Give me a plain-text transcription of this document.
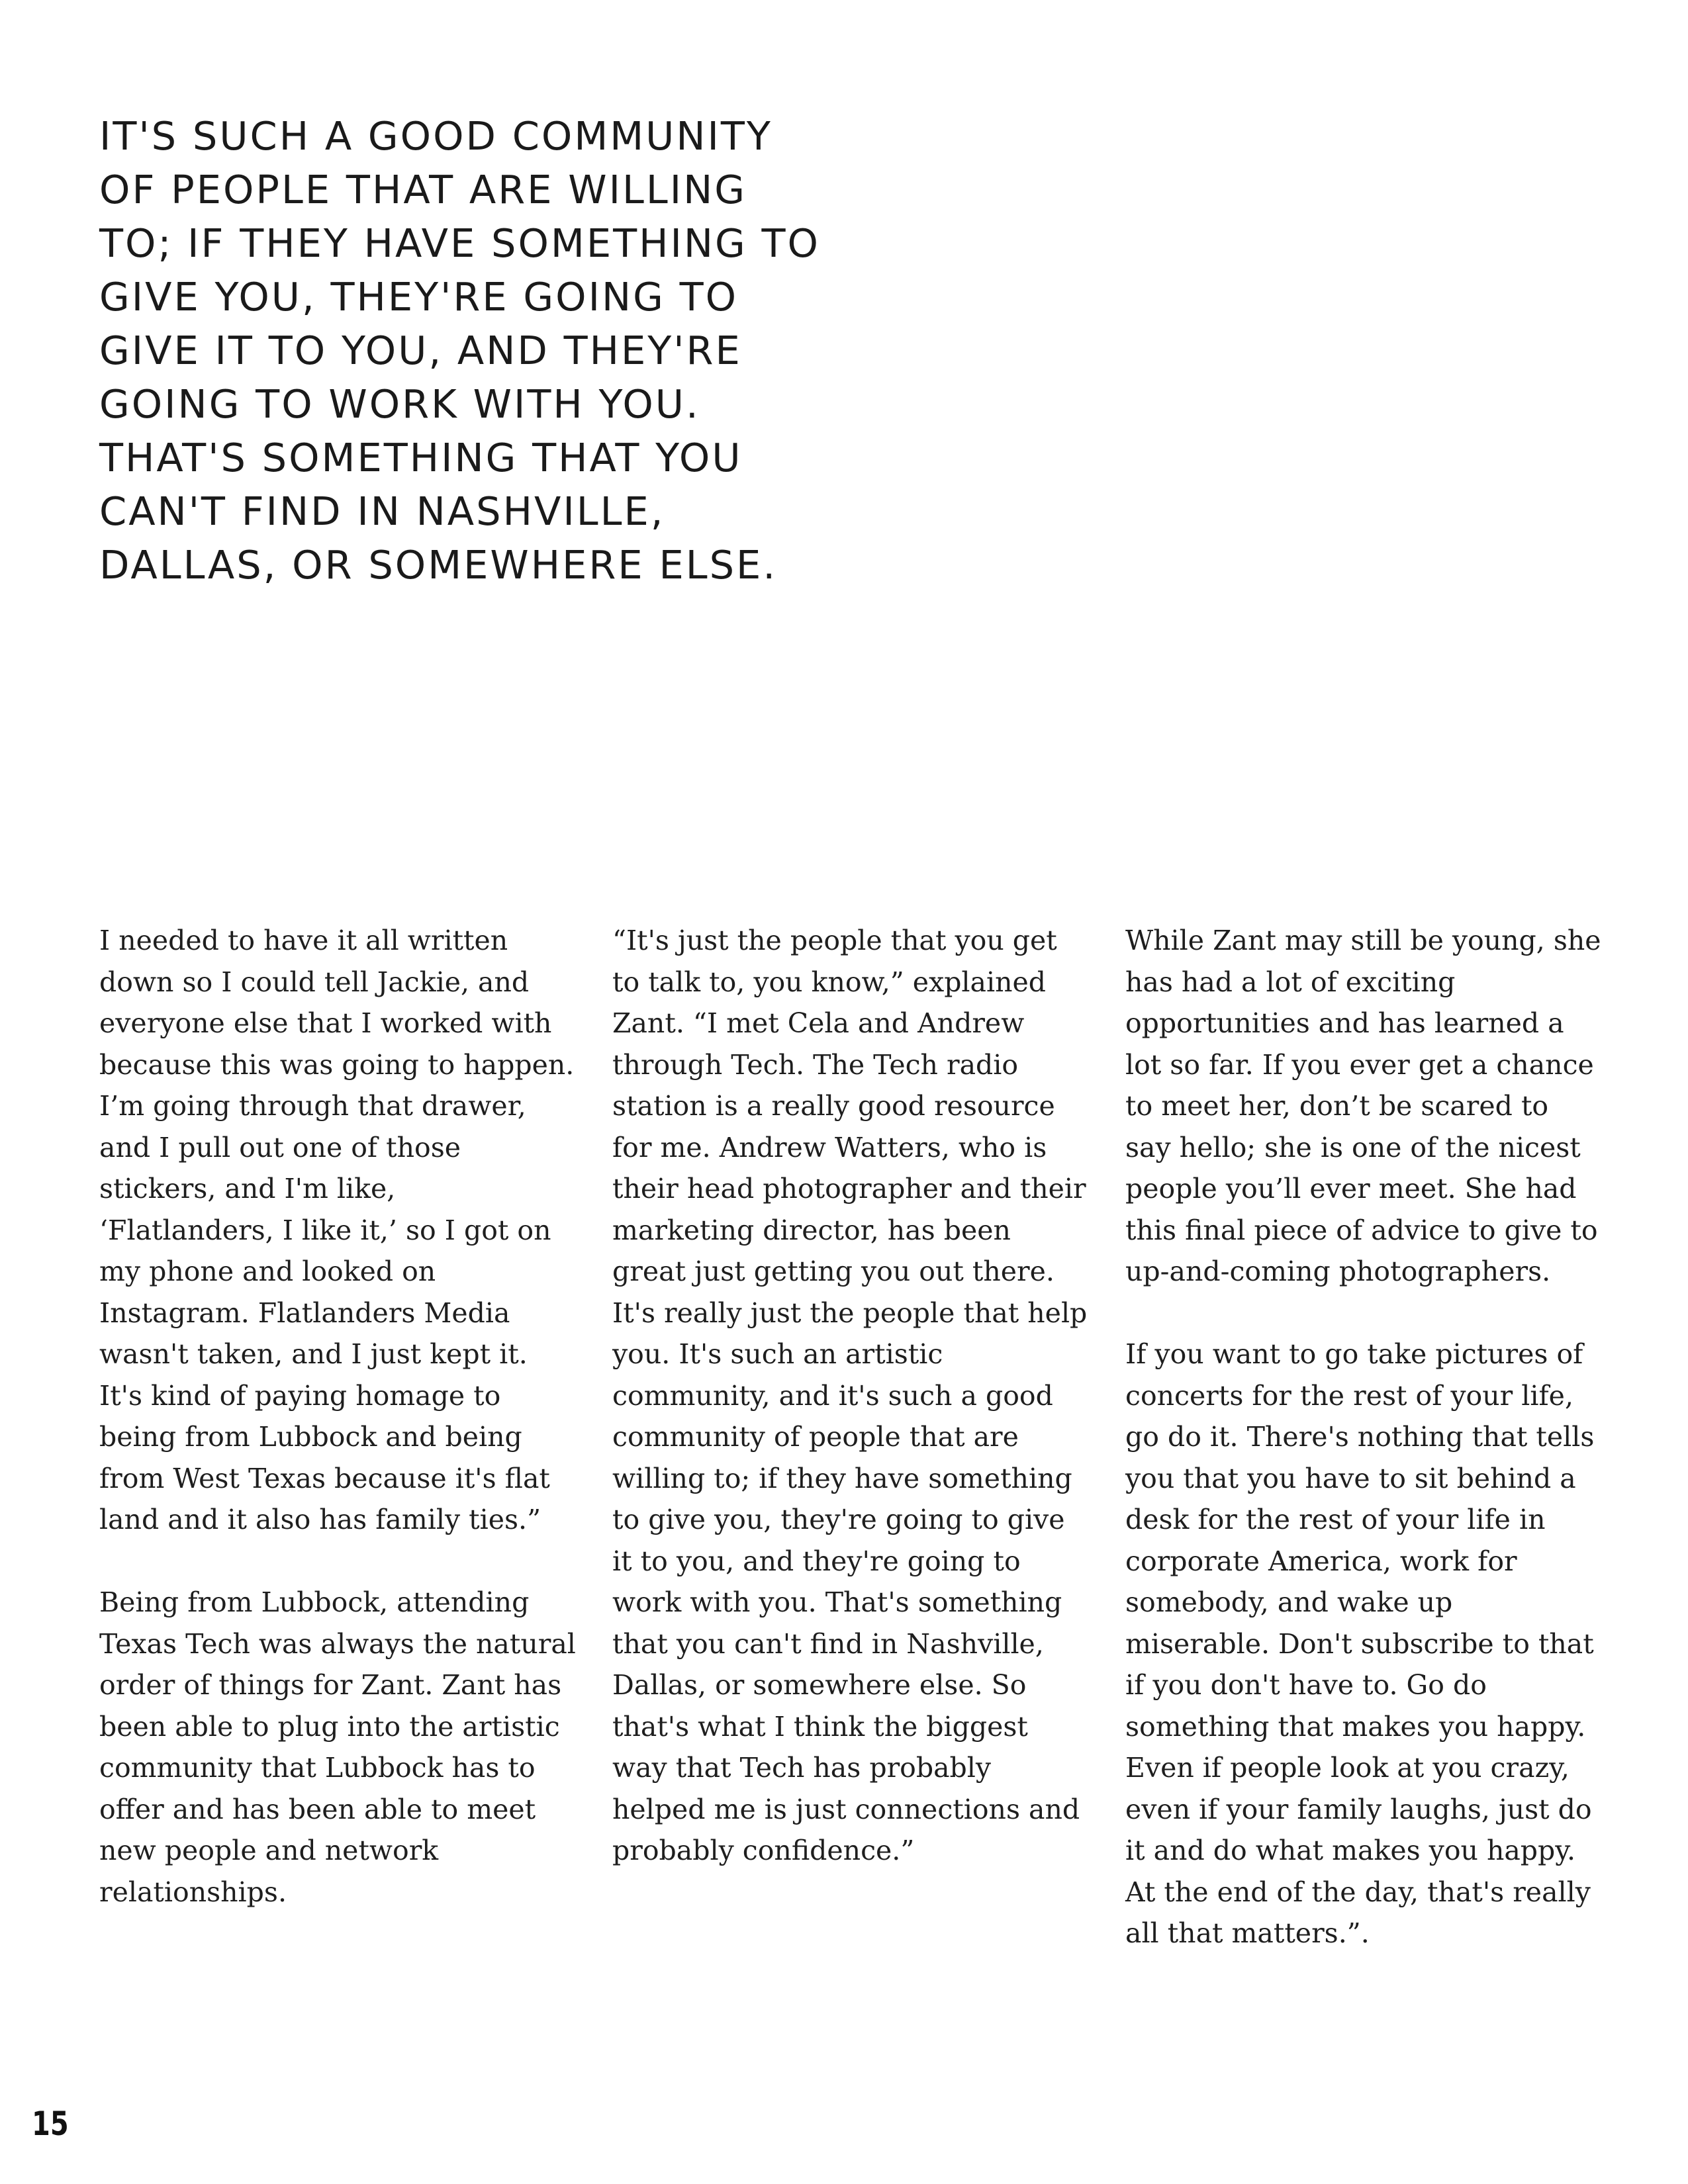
IT'S SUCH A GOOD COMMUNITY OF PEOPLE THAT ARE WILLING TO; IF THEY HAVE SOMETHING TO GIVE YOU, THEY'RE GOING TO GIVE IT TO YOU, AND THEY'RE GOING TO WORK WITH YOU. THAT'S SOMETHING THAT YOU CAN'T FIND IN NASHVILLE, DALLAS, OR SOMEWHERE ELSE.

I needed to have it all written down so I could tell Jackie, and everyone else that I worked with because this was going to happen. I’m going through that drawer, and I pull out one of those stickers, and I'm like, ‘Flatlanders, I like it,’ so I got on my phone and looked on Instagram. Flatlanders Media wasn't taken, and I just kept it. It's kind of paying homage to being from Lubbock and being from West Texas because it's flat land and it also has family ties.”

Being from Lubbock, attending Texas Tech was always the natural order of things for Zant. Zant has been able to plug into the artistic community that Lubbock has to offer and has been able to meet new people and network relationships.

“It's just the people that you get to talk to, you know,” explained Zant. “I met Cela and Andrew through Tech. The Tech radio station is a really good resource for me. Andrew Watters, who is their head photographer and their marketing director, has been great just getting you out there. It's really just the people that help you. It's such an artistic community, and it's such a good community of people that are willing to; if they have something to give you, they're going to give it to you, and they're going to work with you. That's something that you can't find in Nashville, Dallas, or somewhere else. So that's what I think the biggest way that Tech has probably helped me is just connections and probably confidence.”

While Zant may still be young, she has had a lot of exciting opportunities and has learned a lot so far. If you ever get a chance to meet her, don’t be scared to say hello; she is one of the nicest people you’ll ever meet. She had this final piece of advice to give to up-and-coming photographers.

If you want to go take pictures of concerts for the rest of your life, go do it. There's nothing that tells you that you have to sit behind a desk for the rest of your life in corporate America, work for somebody, and wake up miserable. Don't subscribe to that if you don't have to. Go do something that makes you happy. Even if people look at you crazy, even if your family laughs, just do it and do what makes you happy. At the end of the day, that's really all that matters.”.

15
